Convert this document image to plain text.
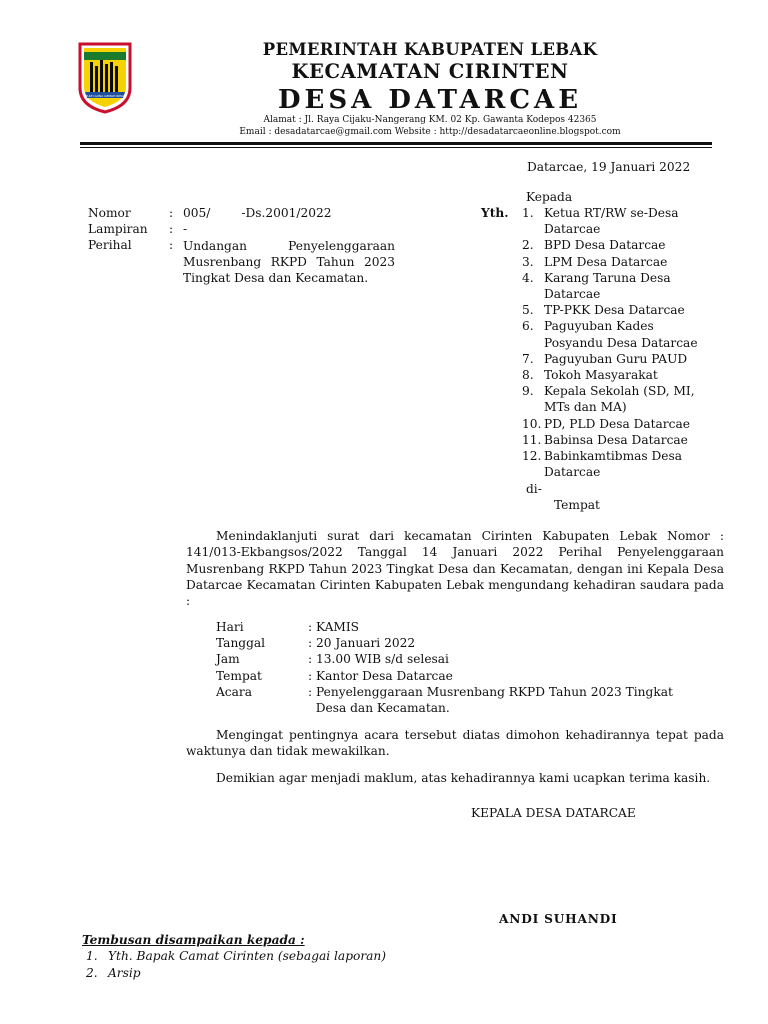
MULTI GUNA GEMAH RIPAH
PEMERINTAH KABUPATEN LEBAK
KECAMATAN CIRINTEN
DESA DATARCAE
Alamat : Jl. Raya Cijaku-Nangerang KM. 02 Kp. Gawanta Kodepos 42365
Email : desadatarcae@gmail.com Website : http://desadatarcaeonline.blogspot.com
Datarcae, 19 Januari 2022
Nomor	: 005/        -Ds.2001/2022
Lampiran : -
Perihal	: Undangan Penyelenggaraan Musrenbang RKPD Tahun 2023 Tingkat Desa dan Kecamatan.
Kepada
Yth. 1. Ketua RT/RW se-Desa
Datarcae
2. BPD Desa Datarcae
3. LPM Desa Datarcae
4. Karang Taruna Desa
Datarcae
5. TP-PKK Desa Datarcae
6. Paguyuban Kades
Posyandu Desa Datarcae
7. Paguyuban Guru PAUD
8. Tokoh Masyarakat
9. Kepala Sekolah (SD, MI,
MTs dan MA)
10. PD, PLD Desa Datarcae
11. Babinsa Desa Datarcae
12. Babinkamtibmas Desa
Datarcae
di-
Tempat
Menindaklanjuti surat dari kecamatan Cirinten Kabupaten Lebak Nomor : 141/013-Ekbangsos/2022 Tanggal 14 Januari 2022 Perihal Penyelenggaraan Musrenbang RKPD Tahun 2023 Tingkat Desa dan Kecamatan, dengan ini Kepala Desa Datarcae Kecamatan Cirinten Kabupaten Lebak mengundang kehadiran saudara pada :
Hari	: KAMIS
Tanggal	: 20 Januari 2022
Jam	: 13.00 WIB s/d selesai
Tempat	: Kantor Desa Datarcae
Acara	: Penyelenggaraan Musrenbang RKPD Tahun 2023 Tingkat
Desa dan Kecamatan.
Mengingat pentingnya acara tersebut diatas dimohon kehadirannya tepat pada waktunya dan tidak mewakilkan.
Demikian agar menjadi maklum, atas kehadirannya kami ucapkan terima kasih.
KEPALA DESA DATARCAE
ANDI SUHANDI
Tembusan disampaikan kepada :
1. Yth. Bapak Camat Cirinten (sebagai laporan)
2. Arsip
